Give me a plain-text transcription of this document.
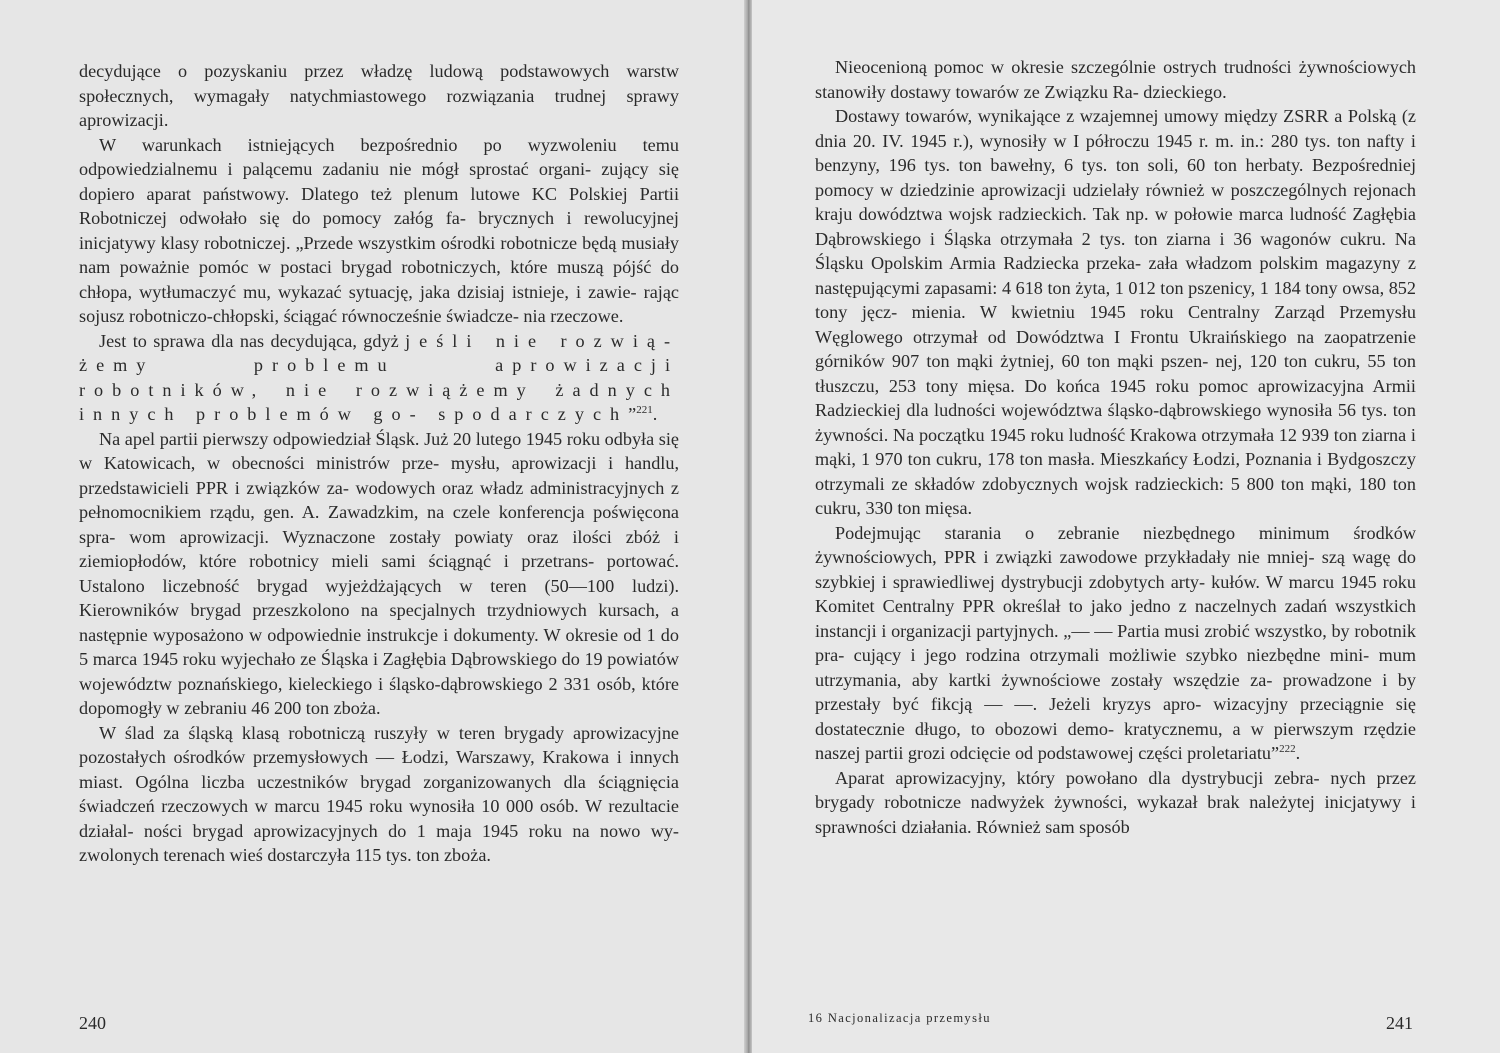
decydujące o pozyskaniu przez władzę ludową podstawowych warstw społecznych, wymagały natychmiastowego rozwiązania trudnej sprawy aprowizacji.

W warunkach istniejących bezpośrednio po wyzwoleniu temu odpowiedzialnemu i palącemu zadaniu nie mógł sprostać organi- zujący się dopiero aparat państwowy. Dlatego też plenum lutowe KC Polskiej Partii Robotniczej odwołało się do pomocy załóg fa- brycznych i rewolucyjnej inicjatywy klasy robotniczej. „Przede wszystkim ośrodki robotnicze będą musiały nam poważnie pomóc w postaci brygad robotniczych, które muszą pójść do chłopa, wytłumaczyć mu, wykazać sytuację, jaka dzisiaj istnieje, i zawie- rając sojusz robotniczo-chłopski, ściągać równocześnie świadcze- nia rzeczowe.

Jest to sprawa dla nas decydująca, gdyż jeśli nie rozwią- żemy problemu aprowizacji robotników, nie rozwiążemy żadnych innych problemów go- spodarczych”$^{221}$.

Na apel partii pierwszy odpowiedział Śląsk. Już 20 lutego 1945 roku odbyła się w Katowicach, w obecności ministrów prze- mysłu, aprowizacji i handlu, przedstawicieli PPR i związków za- wodowych oraz władz administracyjnych z pełnomocnikiem rządu, gen. A. Zawadzkim, na czele konferencja poświęcona spra- wom aprowizacji. Wyznaczone zostały powiaty oraz ilości zbóż i ziemiopłodów, które robotnicy mieli sami ściągnąć i przetrans- portować. Ustalono liczebność brygad wyjeżdżających w teren (50—100 ludzi). Kierowników brygad przeszkolono na specjalnych trzydniowych kursach, a następnie wyposażono w odpowiednie instrukcje i dokumenty. W okresie od 1 do 5 marca 1945 roku wyjechało ze Śląska i Zagłębia Dąbrowskiego do 19 powiatów województw poznańskiego, kieleckiego i śląsko-dąbrowskiego 2 331 osób, które dopomogły w zebraniu 46 200 ton zboża.

W ślad za śląską klasą robotniczą ruszyły w teren brygady aprowizacyjne pozostałych ośrodków przemysłowych — Łodzi, Warszawy, Krakowa i innych miast. Ogólna liczba uczestników brygad zorganizowanych dla ściągnięcia świadczeń rzeczowych w marcu 1945 roku wynosiła 10 000 osób. W rezultacie działal- ności brygad aprowizacyjnych do 1 maja 1945 roku na nowo wy- zwolonych terenach wieś dostarczyła 115 tys. ton zboża.

240

Nieocenioną pomoc w okresie szczególnie ostrych trudności żywnościowych stanowiły dostawy towarów ze Związku Ra- dzieckiego.

Dostawy towarów, wynikające z wzajemnej umowy między ZSRR a Polską (z dnia 20. IV. 1945 r.), wynosiły w I półroczu 1945 r. m. in.: 280 tys. ton nafty i benzyny, 196 tys. ton bawełny, 6 tys. ton soli, 60 ton herbaty. Bezpośredniej pomocy w dziedzinie aprowizacji udzielały również w poszczególnych rejonach kraju dowództwa wojsk radzieckich. Tak np. w połowie marca ludność Zagłębia Dąbrowskiego i Śląska otrzymała 2 tys. ton ziarna i 36 wagonów cukru. Na Śląsku Opolskim Armia Radziecka przeka- zała władzom polskim magazyny z następującymi zapasami: 4 618 ton żyta, 1 012 ton pszenicy, 1 184 tony owsa, 852 tony jęcz- mienia. W kwietniu 1945 roku Centralny Zarząd Przemysłu Węglowego otrzymał od Dowództwa I Frontu Ukraińskiego na zaopatrzenie górników 907 ton mąki żytniej, 60 ton mąki pszen- nej, 120 ton cukru, 55 ton tłuszczu, 253 tony mięsa. Do końca 1945 roku pomoc aprowizacyjna Armii Radzieckiej dla ludności województwa śląsko-dąbrowskiego wynosiła 56 tys. ton żywności. Na początku 1945 roku ludność Krakowa otrzymała 12 939 ton ziarna i mąki, 1 970 ton cukru, 178 ton masła. Mieszkańcy Łodzi, Poznania i Bydgoszczy otrzymali ze składów zdobycznych wojsk radzieckich: 5 800 ton mąki, 180 ton cukru, 330 ton mięsa.

Podejmując starania o zebranie niezbędnego minimum środków żywnościowych, PPR i związki zawodowe przykładały nie mniej- szą wagę do szybkiej i sprawiedliwej dystrybucji zdobytych arty- kułów. W marcu 1945 roku Komitet Centralny PPR określał to jako jedno z naczelnych zadań wszystkich instancji i organizacji partyjnych. „— — Partia musi zrobić wszystko, by robotnik pra- cujący i jego rodzina otrzymali możliwie szybko niezbędne mini- mum utrzymania, aby kartki żywnościowe zostały wszędzie za- prowadzone i by przestały być fikcją — —. Jeżeli kryzys apro- wizacyjny przeciągnie się dostatecznie długo, to obozowi demo- kratycznemu, a w pierwszym rzędzie naszej partii grozi odcięcie od podstawowej części proletariatu”$^{222}$.

Aparat aprowizacyjny, który powołano dla dystrybucji zebra- nych przez brygady robotnicze nadwyżek żywności, wykazał brak należytej inicjatywy i sprawności działania. Również sam sposób

16 Nacjonalizacja przemysłu	241
